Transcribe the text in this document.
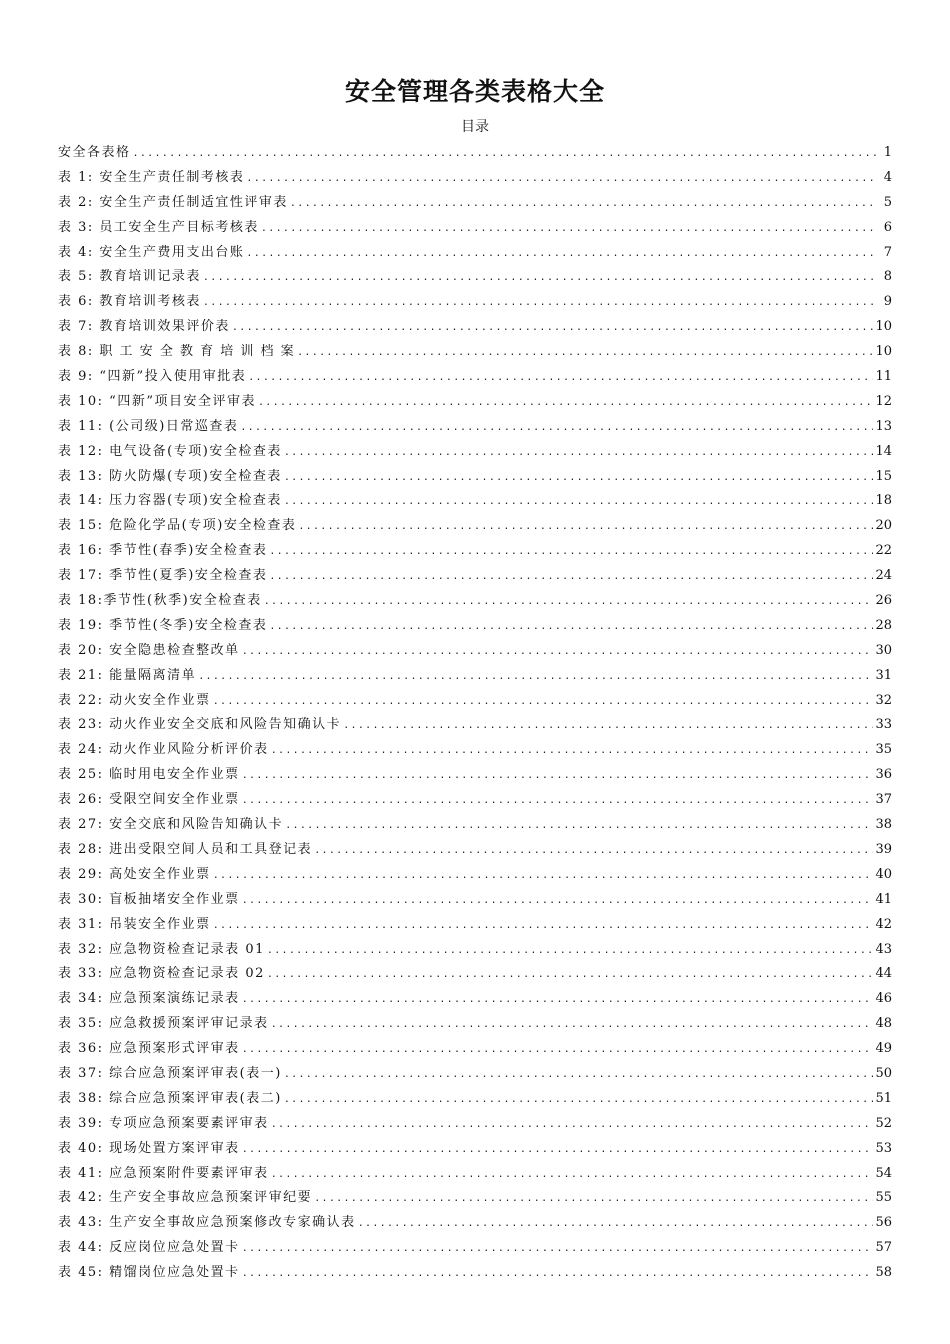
安全管理各类表格大全
目录
安全各表格 .....	1
表 1: 安全生产责任制考核表 .....	4
表 2: 安全生产责任制适宜性评审表 .....	5
表 3: 员工安全生产目标考核表 .....	6
表 4: 安全生产费用支出台账 .....	7
表 5: 教育培训记录表 .....	8
表 6: 教育培训考核表 .....	9
表 7: 教育培训效果评价表 .....	10
表 8: 职 工 安 全 教 育 培 训 档 案 .....	10
表 9: “四新”投入使用审批表 .....	11
表 10: “四新”项目安全评审表 .....	12
表 11: (公司级)日常巡查表 .....	13
表 12: 电气设备(专项)安全检查表 .....	14
表 13: 防火防爆(专项)安全检查表 .....	15
表 14: 压力容器(专项)安全检查表 .....	18
表 15: 危险化学品(专项)安全检查表 .....	20
表 16: 季节性(春季)安全检查表 .....	22
表 17: 季节性(夏季)安全检查表 .....	24
表 18:季节性(秋季)安全检查表 .....	26
表 19: 季节性(冬季)安全检查表 .....	28
表 20: 安全隐患检查整改单 .....	30
表 21: 能量隔离清单 .....	31
表 22: 动火安全作业票 .....	32
表 23: 动火作业安全交底和风险告知确认卡 .....	33
表 24: 动火作业风险分析评价表 .....	35
表 25: 临时用电安全作业票 .....	36
表 26: 受限空间安全作业票 .....	37
表 27: 安全交底和风险告知确认卡 .....	38
表 28: 进出受限空间人员和工具登记表 .....	39
表 29: 高处安全作业票 .....	40
表 30: 盲板抽堵安全作业票 .....	41
表 31: 吊装安全作业票 .....	42
表 32: 应急物资检查记录表 01 .....	43
表 33: 应急物资检查记录表 02 .....	44
表 34: 应急预案演练记录表 .....	46
表 35: 应急救援预案评审记录表 .....	48
表 36: 应急预案形式评审表 .....	49
表 37: 综合应急预案评审表(表一) .....	50
表 38: 综合应急预案评审表(表二) .....	51
表 39: 专项应急预案要素评审表 .....	52
表 40: 现场处置方案评审表 .....	53
表 41: 应急预案附件要素评审表 .....	54
表 42: 生产安全事故应急预案评审纪要 .....	55
表 43: 生产安全事故应急预案修改专家确认表 .....	56
表 44: 反应岗位应急处置卡 .....	57
表 45: 精馏岗位应急处置卡 .....	58
